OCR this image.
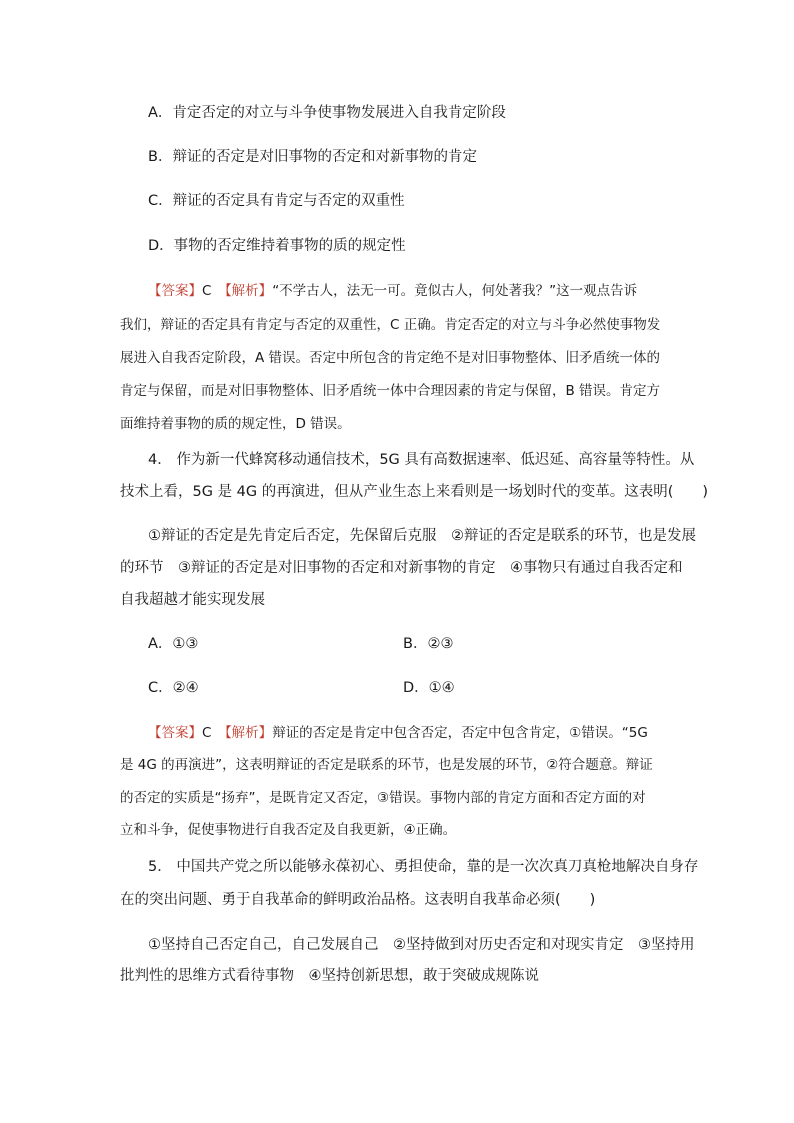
A．肯定否定的对立与斗争使事物发展进入自我肯定阶段
B．辩证的否定是对旧事物的否定和对新事物的肯定
C．辩证的否定具有肯定与否定的双重性
D．事物的否定维持着事物的质的规定性
【答案】C　 【解析】“不学古人，法无一可。竟似古人，何处著我？”这一观点告诉
我们，辩证的否定具有肯定与否定的双重性，C 正确。肯定否定的对立与斗争必然使事物发
展进入自我否定阶段，A 错误。否定中所包含的肯定绝不是对旧事物整体、旧矛盾统一体的
肯定与保留，而是对旧事物整体、旧矛盾统一体中合理因素的肯定与保留，B 错误。肯定方
面维持着事物的质的规定性，D 错误。
4． 作为新一代蜂窝移动通信技术，5G 具有高数据速率、低迟延、高容量等特性。从
技术上看，5G 是 4G 的再演进，但从产业生态上来看则是一场划时代的变革。这表明(　　)
①辩证的否定是先肯定后否定，先保留后克服　②辩证的否定是联系的环节，也是发展
的环节　③辩证的否定是对旧事物的否定和对新事物的肯定　④事物只有通过自我否定和
自我超越才能实现发展
A．①③	B．②③
C．②④	D．①④
【答案】C　 【解析】辩证的否定是肯定中包含否定，否定中包含肯定，①错误。“5G
是 4G 的再演进”，这表明辩证的否定是联系的环节，也是发展的环节，②符合题意。辩证
的否定的实质是“扬弃”，是既肯定又否定，③错误。事物内部的肯定方面和否定方面的对
立和斗争，促使事物进行自我否定及自我更新，④正确。
5． 中国共产党之所以能够永葆初心、勇担使命，靠的是一次次真刀真枪地解决自身存
在的突出问题、勇于自我革命的鲜明政治品格。这表明自我革命必须(　　)
①坚持自己否定自己，自己发展自己　②坚持做到对历史否定和对现实肯定　③坚持用
批判性的思维方式看待事物　④坚持创新思想，敢于突破成规陈说
